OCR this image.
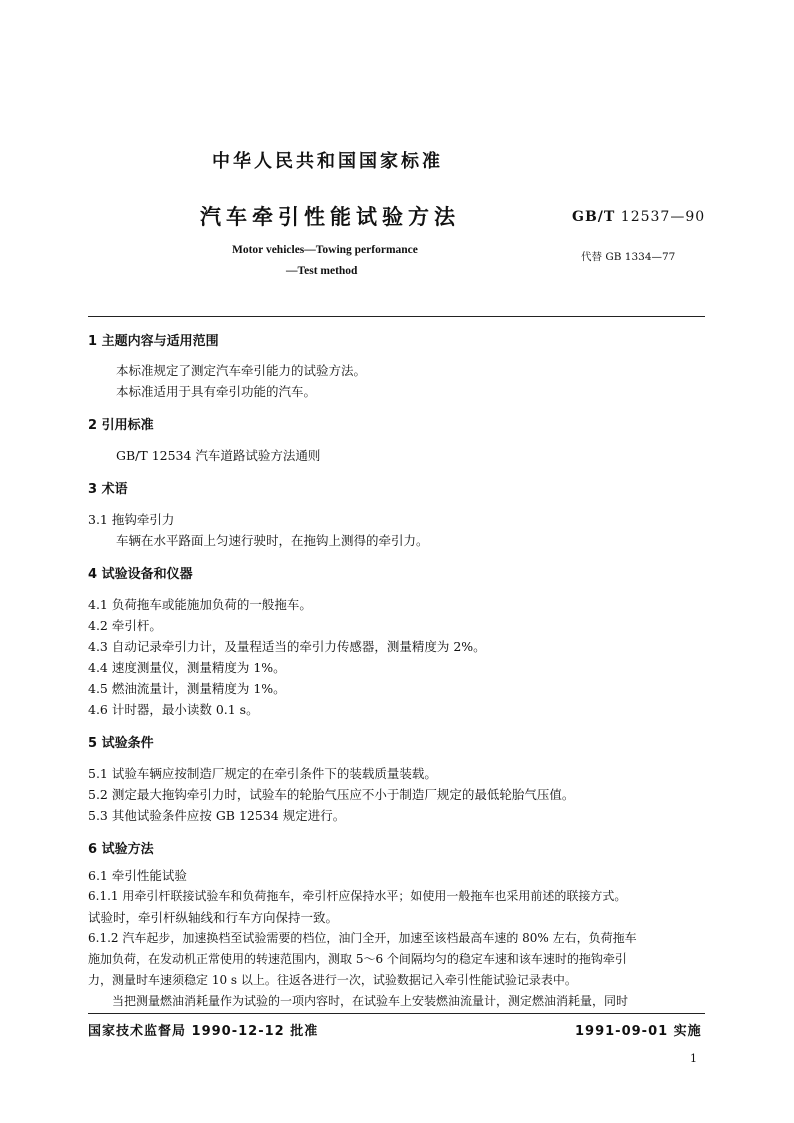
中华人民共和国国家标准
汽车牵引性能试验方法	GB/T 12537—90
Motor vehicles—Towing performance
—Test method
代替 GB 1334—77
1 主题内容与适用范围
本标准规定了测定汽车牵引能力的试验方法。
本标准适用于具有牵引功能的汽车。
2 引用标准
GB/T 12534 汽车道路试验方法通则
3 术语
3.1 拖钩牵引力
车辆在水平路面上匀速行驶时，在拖钩上测得的牵引力。
4 试验设备和仪器
4.1 负荷拖车或能施加负荷的一般拖车。
4.2 牵引杆。
4.3 自动记录牵引力计，及量程适当的牵引力传感器，测量精度为 2%。
4.4 速度测量仪，测量精度为 1%。
4.5 燃油流量计，测量精度为 1%。
4.6 计时器，最小读数 0.1 s。
5 试验条件
5.1 试验车辆应按制造厂规定的在牵引条件下的装载质量装载。
5.2 测定最大拖钩牵引力时，试验车的轮胎气压应不小于制造厂规定的最低轮胎气压值。
5.3 其他试验条件应按 GB 12534 规定进行。
6 试验方法
6.1 牵引性能试验
6.1.1 用牵引杆联接试验车和负荷拖车，牵引杆应保持水平；如使用一般拖车也采用前述的联接方式。
试验时，牵引杆纵轴线和行车方向保持一致。
6.1.2 汽车起步，加速换档至试验需要的档位，油门全开，加速至该档最高车速的 80% 左右，负荷拖车
施加负荷，在发动机正常使用的转速范围内，测取 5～6 个间隔均匀的稳定车速和该车速时的拖钩牵引
力，测量时车速须稳定 10 s 以上。往返各进行一次，试验数据记入牵引性能试验记录表中。
当把测量燃油消耗量作为试验的一项内容时，在试验车上安装燃油流量计，测定燃油消耗量，同时
国家技术监督局 1990-12-12 批准	1991-09-01 实施
1
